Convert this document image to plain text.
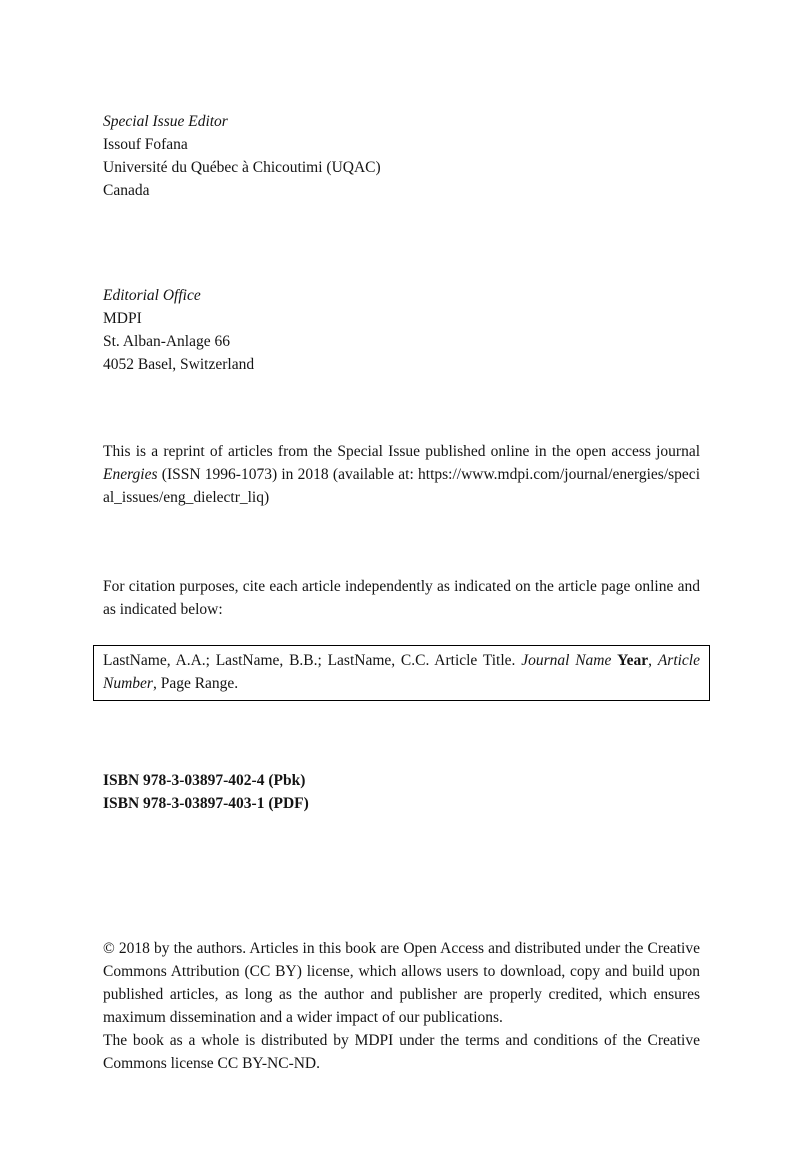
Special Issue Editor

Issouf Fofana

Université du Québec à Chicoutimi (UQAC)

Canada

Editorial Office

MDPI

St. Alban-Anlage 66

4052 Basel, Switzerland

This is a reprint of articles from the Special Issue published online in the open access journal Energies (ISSN 1996-1073) in 2018 (available at: https://www.mdpi.com/journal/energies/special_issues/eng_dielectr_liq)

For citation purposes, cite each article independently as indicated on the article page online and as indicated below:

LastName, A.A.; LastName, B.B.; LastName, C.C. Article Title. Journal Name Year, Article Number, Page Range.

ISBN 978-3-03897-402-4 (Pbk)

ISBN 978-3-03897-403-1 (PDF)

© 2018 by the authors. Articles in this book are Open Access and distributed under the Creative Commons Attribution (CC BY) license, which allows users to download, copy and build upon published articles, as long as the author and publisher are properly credited, which ensures maximum dissemination and a wider impact of our publications.

The book as a whole is distributed by MDPI under the terms and conditions of the Creative Commons license CC BY-NC-ND.
